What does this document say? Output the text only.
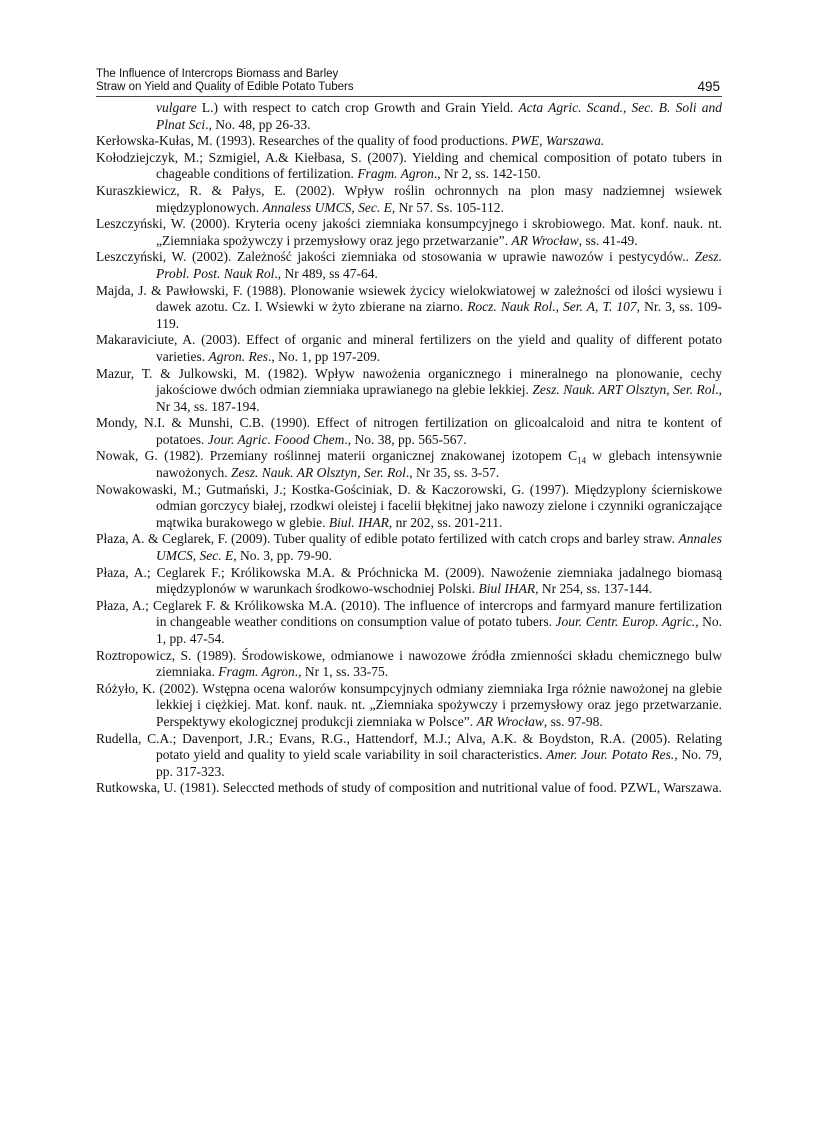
The Influence of Intercrops Biomass and Barley
Straw on Yield and Quality of Edible Potato Tubers	495

vulgare L.) with respect to catch crop Growth and Grain Yield. Acta Agric. Scand., Sec. B. Soli and Plnat Sci., No. 48, pp 26-33.

Kerłowska-Kułas, M. (1993). Researches of the quality of food productions. PWE, Warszawa.

Kołodziejczyk, M.; Szmigiel, A.& Kiełbasa, S. (2007). Yielding and chemical composition of potato tubers in chageable conditions of fertilization. Fragm. Agron., Nr 2, ss. 142-150.

Kuraszkiewicz, R. & Pałys, E. (2002). Wpływ roślin ochronnych na plon masy nadziemnej wsiewek międzyplonowych. Annaless UMCS, Sec. E, Nr 57. Ss. 105-112.

Leszczyński, W. (2000). Kryteria oceny jakości ziemniaka konsumpcyjnego i skrobiowego. Mat. konf. nauk. nt. „Ziemniaka spożywczy i przemysłowy oraz jego przetwarzanie”. AR Wrocław, ss. 41-49.

Leszczyński, W. (2002). Zależność jakości ziemniaka od stosowania w uprawie nawozów i pestycydów.. Zesz. Probl. Post. Nauk Rol., Nr 489, ss 47-64.

Majda, J. & Pawłowski, F. (1988). Plonowanie wsiewek życicy wielokwiatowej w zależności od ilości wysiewu i dawek azotu. Cz. I. Wsiewki w żyto zbierane na ziarno. Rocz. Nauk Rol., Ser. A, T. 107, Nr. 3, ss. 109-119.

Makaraviciute, A. (2003). Effect of organic and mineral fertilizers on the yield and quality of different potato varieties. Agron. Res., No. 1, pp 197-209.

Mazur, T. & Julkowski, M. (1982). Wpływ nawożenia organicznego i mineralnego na plonowanie, cechy jakościowe dwóch odmian ziemniaka uprawianego na glebie lekkiej. Zesz. Nauk. ART Olsztyn, Ser. Rol., Nr 34, ss. 187-194.

Mondy, N.I. & Munshi, C.B. (1990). Effect of nitrogen fertilization on glicoalcaloid and nitra te kontent of potatoes. Jour. Agric. Foood Chem., No. 38, pp. 565-567.

Nowak, G. (1982). Przemiany roślinnej materii organicznej znakowanej izotopem $C_{14}$ w glebach intensywnie nawożonych. Zesz. Nauk. AR Olsztyn, Ser. Rol., Nr 35, ss. 3-57.

Nowakowaski, M.; Gutmański, J.; Kostka-Gościniak, D. & Kaczorowski, G. (1997). Międzyplony ścierniskowe odmian gorczycy białej, rzodkwi oleistej i facelii błękitnej jako nawozy zielone i czynniki ograniczające mątwika burakowego w glebie. Biul. IHAR, nr 202, ss. 201-211.

Płaza, A. & Ceglarek, F. (2009). Tuber quality of edible potato fertilized with catch crops and barley straw. Annales UMCS, Sec. E, No. 3, pp. 79-90.

Płaza, A.; Ceglarek F.; Królikowska M.A. & Próchnicka M. (2009). Nawożenie ziemniaka jadalnego biomasą międzyplonów w warunkach środkowo-wschodniej Polski. Biul IHAR, Nr 254, ss. 137-144.

Płaza, A.; Ceglarek F. & Królikowska M.A. (2010). The influence of intercrops and farmyard manure fertilization in changeable weather conditions on consumption value of potato tubers. Jour. Centr. Europ. Agric., No. 1, pp. 47-54.

Roztropowicz, S. (1989). Środowiskowe, odmianowe i nawozowe źródła zmienności składu chemicznego bulw ziemniaka. Fragm. Agron., Nr 1, ss. 33-75.

Różyło, K. (2002). Wstępna ocena walorów konsumpcyjnych odmiany ziemniaka Irga różnie nawożonej na glebie lekkiej i ciężkiej. Mat. konf. nauk. nt. „Ziemniaka spożywczy i przemysłowy oraz jego przetwarzanie. Perspektywy ekologicznej produkcji ziemniaka w Polsce”. AR Wrocław, ss. 97-98.

Rudella, C.A.; Davenport, J.R.; Evans, R.G., Hattendorf, M.J.; Alva, A.K. & Boydston, R.A. (2005). Relating potato yield and quality to yield scale variability in soil characteristics. Amer. Jour. Potato Res., No. 79, pp. 317-323.

Rutkowska, U. (1981). Seleccted methods of study of composition and nutritional value of food. PZWL, Warszawa.
